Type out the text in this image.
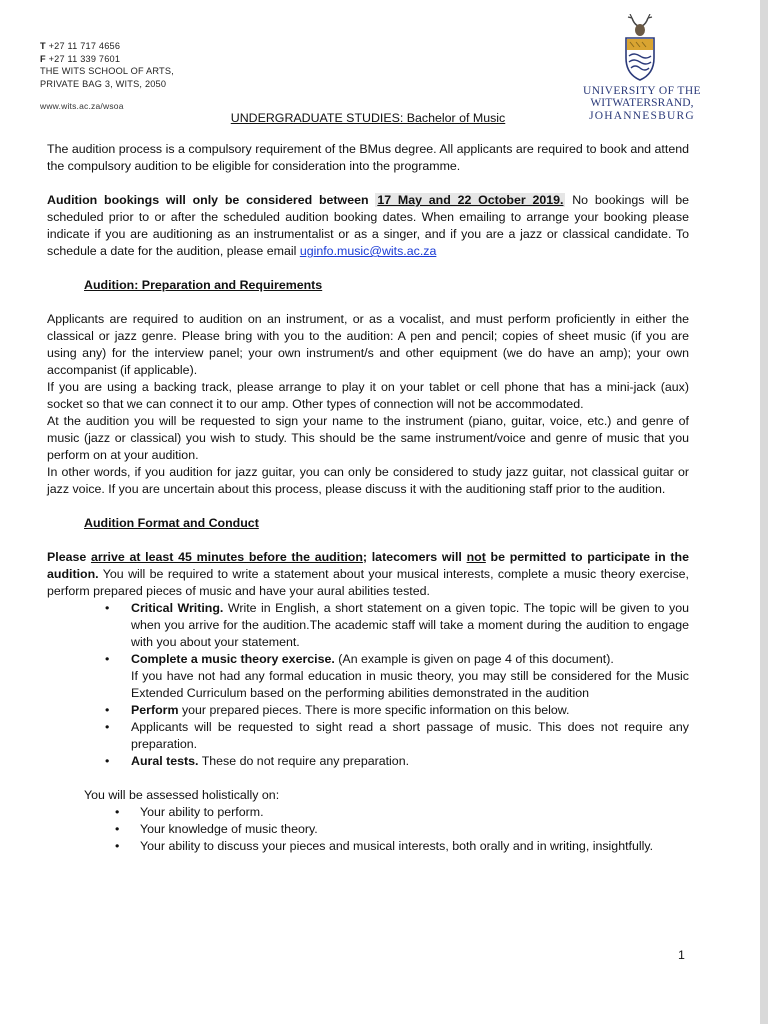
T +27 11 717 4656
F +27 11 339 7601
THE WITS SCHOOL OF ARTS,
PRIVATE BAG 3, WITS, 2050
www.wits.ac.za/wsoa
UNIVERSITY OF THE
WITWATERSRAND,
JOHANNESBURG
UNDERGRADUATE STUDIES: Bachelor of Music

The audition process is a compulsory requirement of the BMus degree. All applicants are required to book and attend the compulsory audition to be eligible for consideration into the programme.

Audition bookings will only be considered between 17 May and 22 October 2019. No bookings will be scheduled prior to or after the scheduled audition booking dates. When emailing to arrange your booking please indicate if you are auditioning as an instrumentalist or as a singer, and if you are a jazz or classical candidate. To schedule a date for the audition, please email uginfo.music@wits.ac.za

Audition: Preparation and Requirements

Applicants are required to audition on an instrument, or as a vocalist, and must perform proficiently in either the classical or jazz genre. Please bring with you to the audition: A pen and pencil; copies of sheet music (if you are using any) for the interview panel; your own instrument/s and other equipment (we do have an amp); your own accompanist (if applicable).

If you are using a backing track, please arrange to play it on your tablet or cell phone that has a mini-jack (aux) socket so that we can connect it to our amp. Other types of connection will not be accommodated.

At the audition you will be requested to sign your name to the instrument (piano, guitar, voice, etc.) and genre of music (jazz or classical) you wish to study. This should be the same instrument/voice and genre of music that you perform on at your audition.

In other words, if you audition for jazz guitar, you can only be considered to study jazz guitar, not classical guitar or jazz voice. If you are uncertain about this process, please discuss it with the auditioning staff prior to the audition.

Audition Format and Conduct

Please arrive at least 45 minutes before the audition; latecomers will not be permitted to participate in the audition. You will be required to write a statement about your musical interests, complete a music theory exercise, perform prepared pieces of music and have your aural abilities tested.

• Critical Writing. Write in English, a short statement on a given topic. The topic will be given to you when you arrive for the audition.The academic staff will take a moment during the audition to engage with you about your statement.
• Complete a music theory exercise. (An example is given on page 4 of this document).
If you have not had any formal education in music theory, you may still be considered for the Music Extended Curriculum based on the performing abilities demonstrated in the audition
• Perform your prepared pieces. There is more specific information on this below.
• Applicants will be requested to sight read a short passage of music. This does not require any preparation.
• Aural tests. These do not require any preparation.
You will be assessed holistically on:
• Your ability to perform.
• Your knowledge of music theory.
• Your ability to discuss your pieces and musical interests, both orally and in writing, insightfully.
1
